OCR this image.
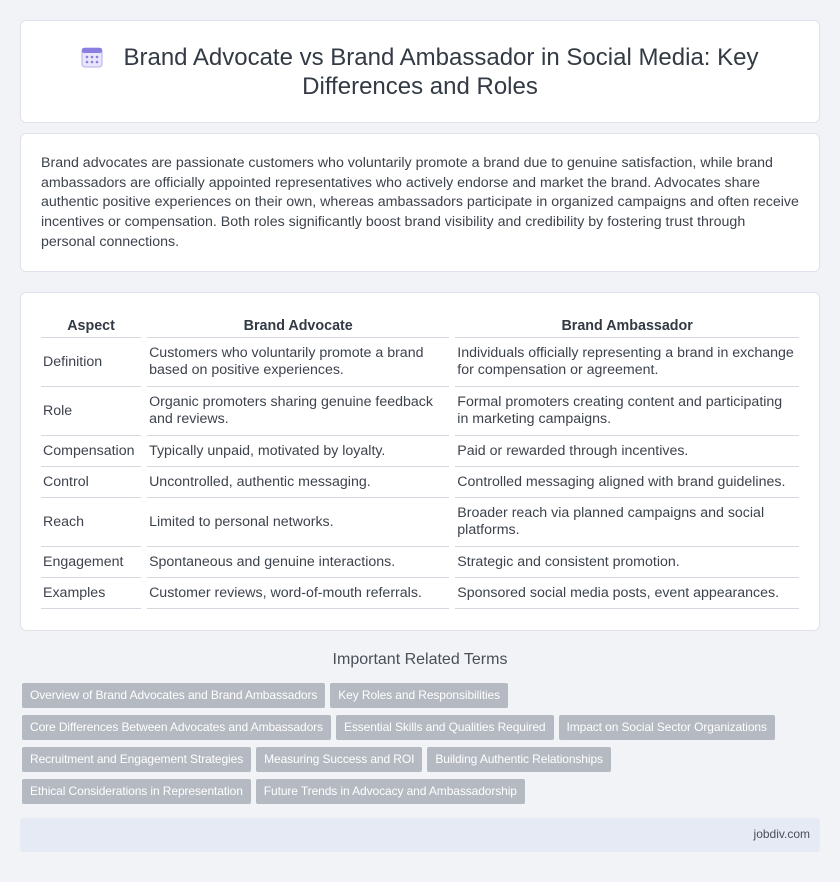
Brand Advocate vs Brand Ambassador in Social Media: Key
Differences and Roles

Brand advocates are passionate customers who voluntarily promote a brand due to genuine satisfaction, while brand ambassadors are officially appointed representatives who actively endorse and market the brand. Advocates share authentic positive experiences on their own, whereas ambassadors participate in organized campaigns and often receive incentives or compensation. Both roles significantly boost brand visibility and credibility by fostering trust through personal connections.

Aspect	Brand Advocate	Brand Ambassador
Definition	Customers who voluntarily promote a brand based on positive experiences.	Individuals officially representing a brand in exchange for compensation or agreement.
Role	Organic promoters sharing genuine feedback and reviews.	Formal promoters creating content and participating in marketing campaigns.
Compensation	Typically unpaid, motivated by loyalty.	Paid or rewarded through incentives.
Control	Uncontrolled, authentic messaging.	Controlled messaging aligned with brand guidelines.
Reach	Limited to personal networks.	Broader reach via planned campaigns and social platforms.
Engagement	Spontaneous and genuine interactions.	Strategic and consistent promotion.
Examples	Customer reviews, word-of-mouth referrals.	Sponsored social media posts, event appearances.
Important Related Terms
Overview of Brand Advocates and Brand Ambassadors Key Roles and Responsibilities
Core Differences Between Advocates and Ambassadors Essential Skills and Qualities Required Impact on Social Sector Organizations
Recruitment and Engagement Strategies Measuring Success and ROI Building Authentic Relationships
Ethical Considerations in Representation Future Trends in Advocacy and Ambassadorship
jobdiv.com
